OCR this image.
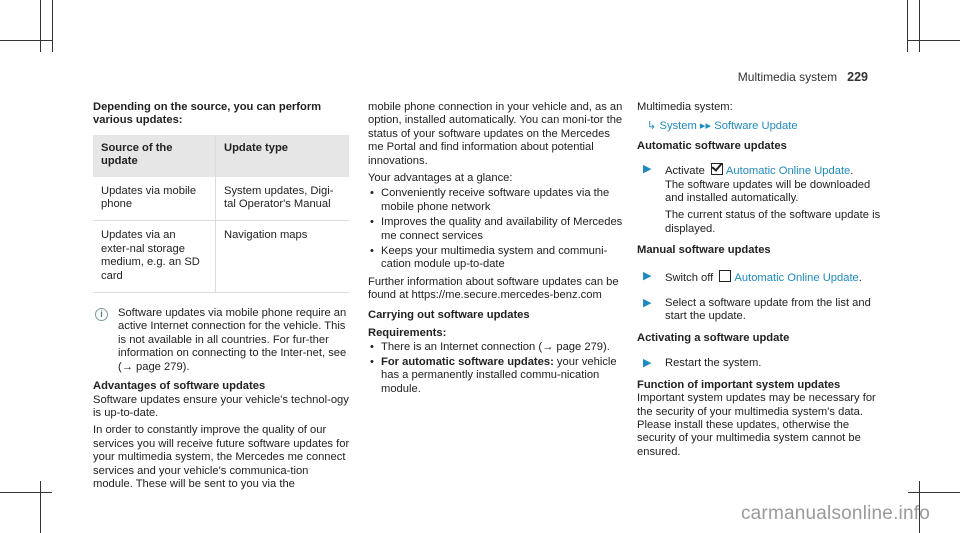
Multimedia system 229

Depending on the source, you can perform various updates:

Source of the update	Update type
Updates via mobile phone	System updates, Digi-tal Operator's Manual
Updates via an exter-nal storage medium, e.g. an SD card	Navigation maps
i	Software updates via mobile phone require an active Internet connection for the vehicle. This is not available in all countries. For fur-ther information on connecting to the Inter-net, see (→ page 279).

Advantages of software updates

Software updates ensure your vehicle's technol-ogy is up-to-date.

In order to constantly improve the quality of our services you will receive future software updates for your multimedia system, the Mercedes me connect services and your vehicle's communica-tion module. These will be sent to you via the

mobile phone connection in your vehicle and, as an option, installed automatically. You can moni-tor the status of your software updates on the Mercedes me Portal and find information about potential innovations.

Your advantages at a glance:

• Conveniently receive software updates via the mobile phone network
• Improves the quality and availability of Mercedes me connect services
• Keeps your multimedia system and communi-cation module up-to-date

Further information about software updates can be found at https://me.secure.mercedes-benz.com

Carrying out software updates

Requirements:

• There is an Internet connection (→ page 279).
• For automatic software updates: your vehicle has a permanently installed commu-nication module.

Multimedia system:

↳ System ▸▸ Software Update

Automatic software updates

▶	Activate Automatic Online Update.

The software updates will be downloaded and installed automatically.

The current status of the software update is displayed.

Manual software updates

▶	Switch off Automatic Online Update.
▶	Select a software update from the list and start the update.

Activating a software update

▶	Restart the system.

Function of important system updates

Important system updates may be necessary for the security of your multimedia system's data. Please install these updates, otherwise the security of your multimedia system cannot be ensured.

carmanualsonline.info
